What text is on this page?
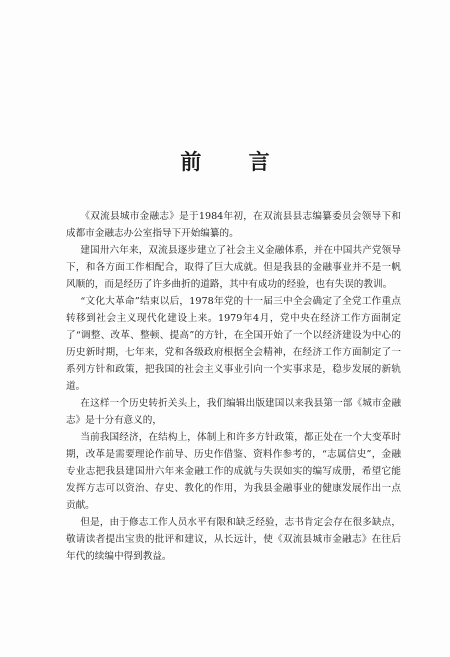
前 言

《双流县城市金融志》是于1984年初，在双流县县志编纂委员会领导下和成都市金融志办公室指导下开始编纂的。

建国卅六年来，双流县逐步建立了社会主义金融体系，并在中国共产党领导下，和各方面工作相配合，取得了巨大成就。但是我县的金融事业并不是一帆风顺的，而是经历了许多曲折的道路，其中有成功的经验，也有失误的教训。

“文化大革命”结束以后，1978年党的十一届三中全会确定了全党工作重点转移到社会主义现代化建设上来。1979年4月，党中央在经济工作方面制定了“调整、改革、整顿、提高”的方针，在全国开始了一个以经济建设为中心的历史新时期，七年来，党和各级政府根据全会精神，在经济工作方面制定了一系列方针和政策，把我国的社会主义事业引向一个实事求是，稳步发展的新轨道。

在这样一个历史转折关头上，我们编辑出版建国以来我县第一部《城市金融志》是十分有意义的，

当前我国经济，在结构上，体制上和许多方针政策，都正处在一个大变革时期，改革是需要理论作前导、历史作借鉴、资料作参考的，“志属信史”，金融专业志把我县建国卅六年来金融工作的成就与失误如实的编写成册，希望它能发挥方志可以资治、存史、教化的作用，为我县金融事业的健康发展作出一点贡献。

但是，由于修志工作人员水平有限和缺乏经验，志书肯定会存在很多缺点，敬请读者提出宝贵的批评和建议，从长远计，使《双流县城市金融志》在往后年代的续编中得到教益。
